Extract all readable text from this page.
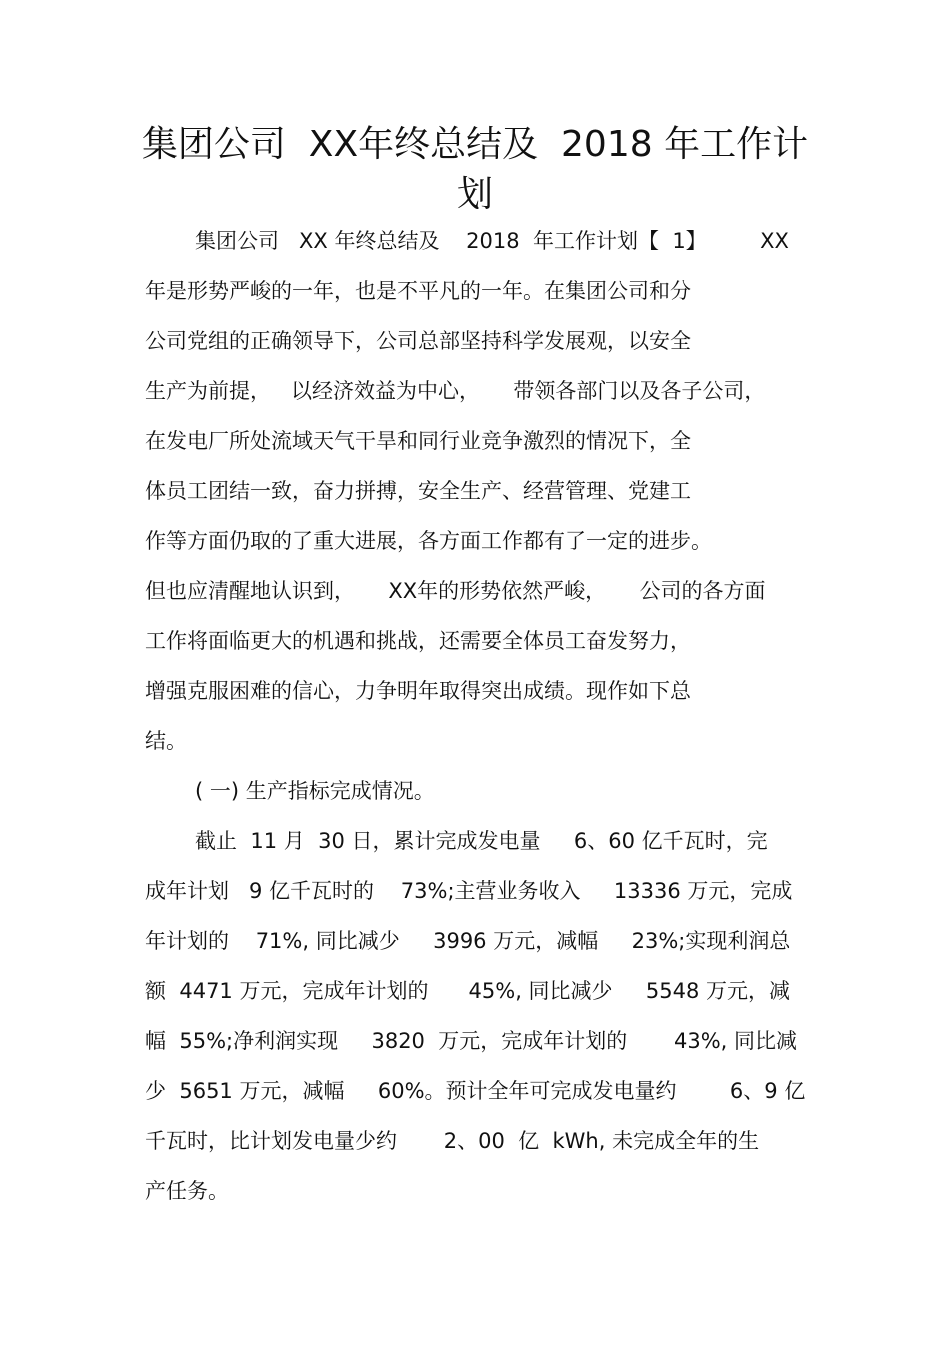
集团公司  XX年终总结及  2018 年工作计
划
集团公司   XX 年终总结及    2018  年工作计划【  1】        XX
年是形势严峻的一年，也是不平凡的一年。在集团公司和分
公司党组的正确领导下，公司总部坚持科学发展观，以安全
生产为前提，   以经济效益为中心，     带领各部门以及各子公司，
在发电厂所处流域天气干旱和同行业竞争激烈的情况下，全
体员工团结一致，奋力拼搏，安全生产、经营管理、党建工
作等方面仍取的了重大进展，各方面工作都有了一定的进步。
但也应清醒地认识到，     XX年的形势依然严峻，     公司的各方面
工作将面临更大的机遇和挑战，还需要全体员工奋发努力，
增强克服困难的信心，力争明年取得突出成绩。现作如下总
结。
( 一) 生产指标完成情况。
截止  11 月  30 日，累计完成发电量     6、60 亿千瓦时，完
成年计划   9 亿千瓦时的    73%;主营业务收入     13336 万元，完成
年计划的    71%, 同比减少     3996 万元，减幅     23%;实现利润总
额  4471 万元，完成年计划的      45%, 同比减少     5548 万元，减
幅  55%;净利润实现     3820  万元，完成年计划的       43%, 同比减
少  5651 万元，减幅     60%。预计全年可完成发电量约        6、9 亿
千瓦时，比计划发电量少约       2、00  亿  kWh, 未完成全年的生
产任务。
